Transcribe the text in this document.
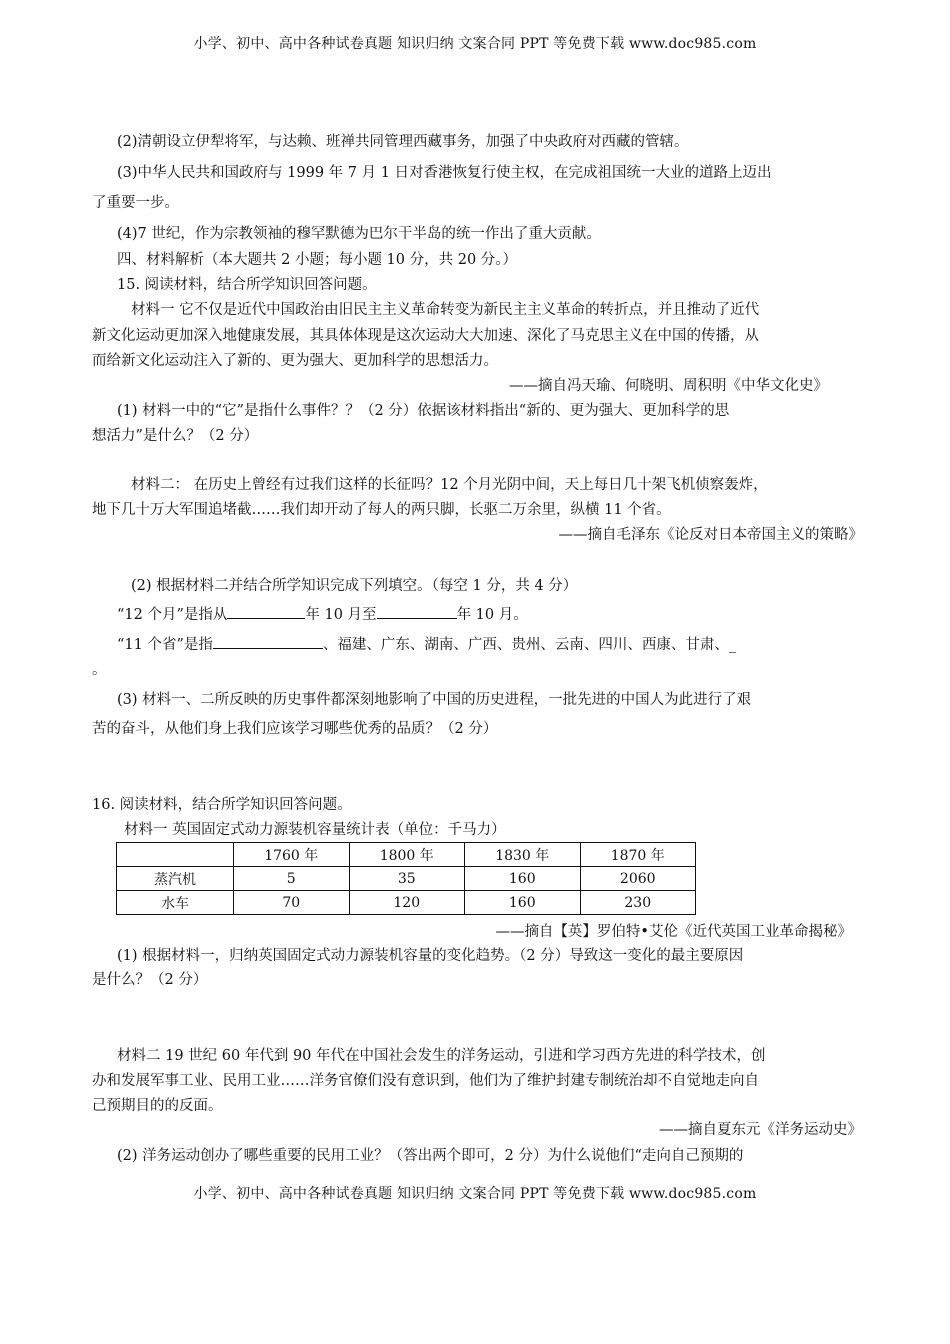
小学、初中、高中各种试卷真题 知识归纳 文案合同 PPT 等免费下载 www.doc985.com
(2)清朝设立伊犁将军，与达赖、班禅共同管理西藏事务，加强了中央政府对西藏的管辖。
(3)中华人民共和国政府与 1999 年 7 月 1 日对香港恢复行使主权，在完成祖国统一大业的道路上迈出
了重要一步。
(4)7 世纪，作为宗教领袖的穆罕默德为巴尔干半岛的统一作出了重大贡献。
四、材料解析（本大题共 2 小题；每小题 10 分，共 20 分。）
15. 阅读材料，结合所学知识回答问题。
材料一 它不仅是近代中国政治由旧民主主义革命转变为新民主主义革命的转折点，并且推动了近代
新文化运动更加深入地健康发展，其具体体现是这次运动大大加速、深化了马克思主义在中国的传播，从
而给新文化运动注入了新的、更为强大、更加科学的思想活力。
——摘自冯天瑜、何晓明、周积明《中华文化史》
(1) 材料一中的“它”是指什么事件？？（2 分）依据该材料指出“新的、更为强大、更加科学的思
想活力”是什么？（2 分）
材料二： 在历史上曾经有过我们这样的长征吗？12 个月光阴中间，天上每日几十架飞机侦察轰炸，
地下几十万大军围追堵截……我们却开动了每人的两只脚，长驱二万余里，纵横 11 个省。
——摘自毛泽东《论反对日本帝国主义的策略》
(2) 根据材料二并结合所学知识完成下列填空。（每空 1 分，共 4 分）
“12 个月”是指从	年 10 月至	年 10 月。
“11 个省”是指	、福建、广东、湖南、广西、贵州、云南、四川、西康、甘肃、_
。
(3) 材料一、二所反映的历史事件都深刻地影响了中国的历史进程，一批先进的中国人为此进行了艰
苦的奋斗，从他们身上我们应该学习哪些优秀的品质？（2 分）
16. 阅读材料，结合所学知识回答问题。
材料一 英国固定式动力源装机容量统计表（单位：千马力）
	1760 年	1800 年	1830 年	1870 年
蒸汽机	5	35	160	2060
水车	70	120	160	230
——摘自【英】罗伯特•艾伦《近代英国工业革命揭秘》
(1) 根据材料一，归纳英国固定式动力源装机容量的变化趋势。（2 分）导致这一变化的最主要原因
是什么？（2 分）
材料二 19 世纪 60 年代到 90 年代在中国社会发生的洋务运动，引进和学习西方先进的科学技术，创
办和发展军事工业、民用工业……洋务官僚们没有意识到，他们为了维护封建专制统治却不自觉地走向自
己预期目的的反面。
——摘自夏东元《洋务运动史》
(2) 洋务运动创办了哪些重要的民用工业？（答出两个即可，2 分）为什么说他们“走向自己预期的
小学、初中、高中各种试卷真题 知识归纳 文案合同 PPT 等免费下载 www.doc985.com
